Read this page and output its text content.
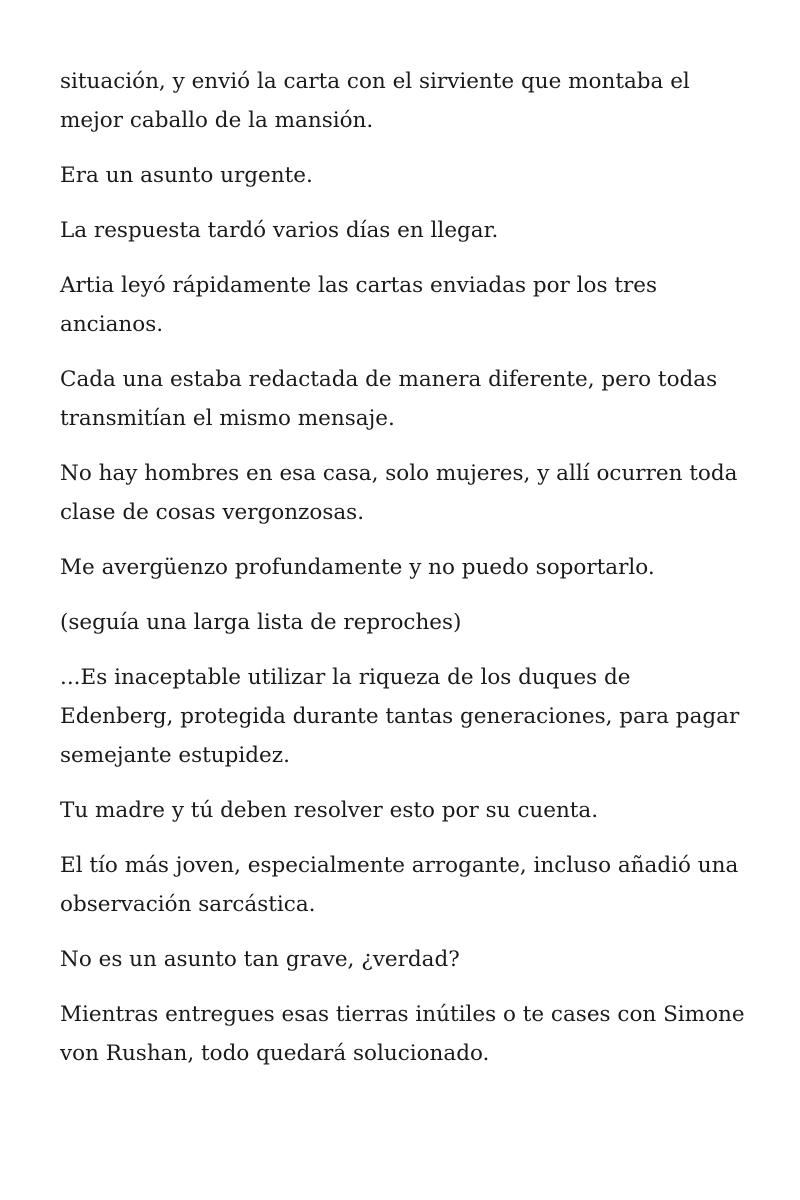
situación, y envió la carta con el sirviente que montaba el mejor caballo de la mansión.

Era un asunto urgente.

La respuesta tardó varios días en llegar.

Artia leyó rápidamente las cartas enviadas por los tres ancianos.

Cada una estaba redactada de manera diferente, pero todas transmitían el mismo mensaje.

No hay hombres en esa casa, solo mujeres, y allí ocurren toda clase de cosas vergonzosas.

Me avergüenzo profundamente y no puedo soportarlo.

(seguía una larga lista de reproches)

...Es inaceptable utilizar la riqueza de los duques de Edenberg, protegida durante tantas generaciones, para pagar semejante estupidez.

Tu madre y tú deben resolver esto por su cuenta.

El tío más joven, especialmente arrogante, incluso añadió una observación sarcástica.

No es un asunto tan grave, ¿verdad?

Mientras entregues esas tierras inútiles o te cases con Simone von Rushan, todo quedará solucionado.
